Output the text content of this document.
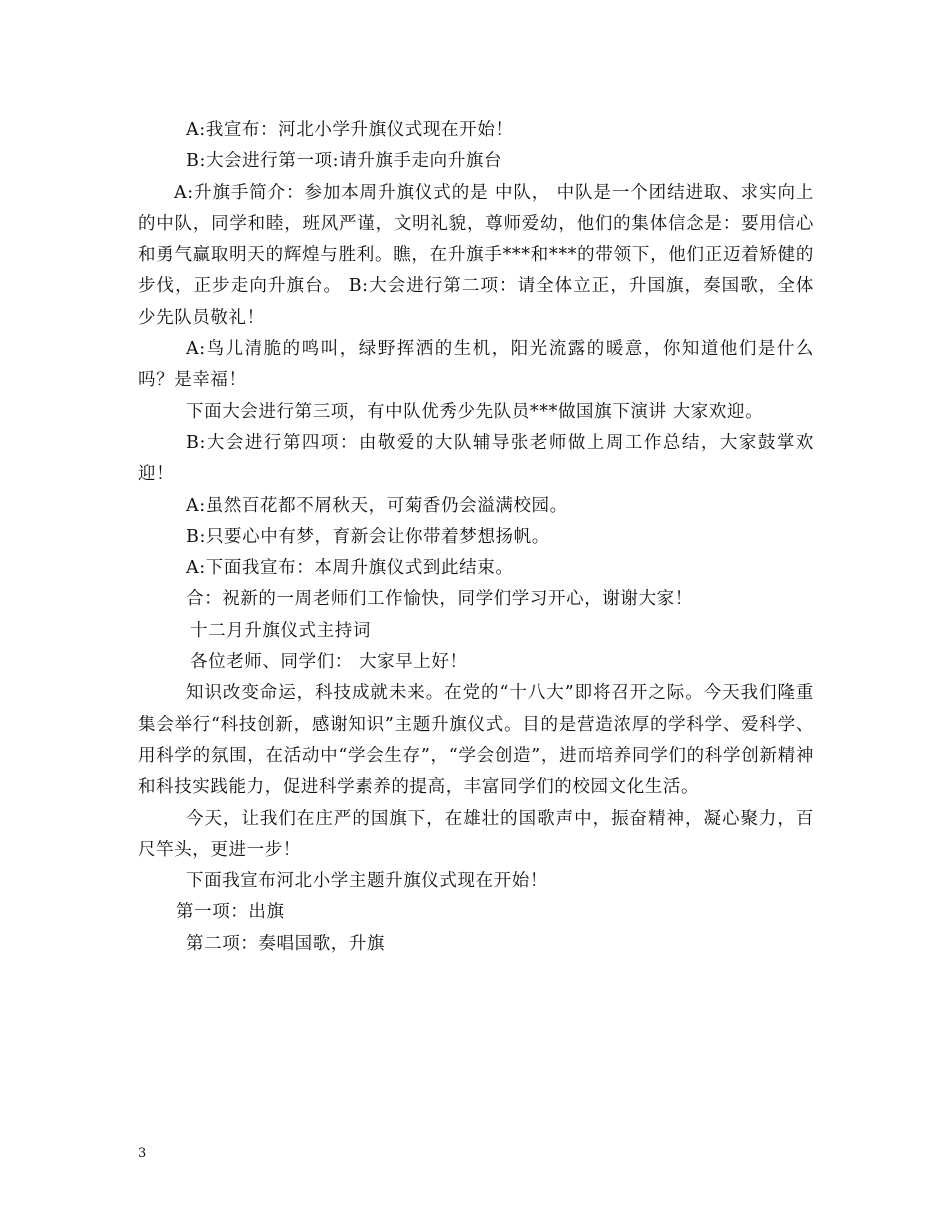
A:我宣布：河北小学升旗仪式现在开始！

B:大会进行第一项:请升旗手走向升旗台

A:升旗手简介：参加本周升旗仪式的是 中队， 中队是一个团结进取、求实向上的中队，同学和睦，班风严谨，文明礼貌，尊师爱幼，他们的集体信念是：要用信心和勇气赢取明天的辉煌与胜利。瞧，在升旗手***和***的带领下，他们正迈着矫健的步伐，正步走向升旗台。 B:大会进行第二项：请全体立正，升国旗，奏国歌，全体少先队员敬礼！

A:鸟儿清脆的鸣叫，绿野挥洒的生机，阳光流露的暖意，你知道他们是什么吗？是幸福！

下面大会进行第三项，有中队优秀少先队员***做国旗下演讲 大家欢迎。

B:大会进行第四项：由敬爱的大队辅导张老师做上周工作总结，大家鼓掌欢迎！

A:虽然百花都不屑秋天，可菊香仍会溢满校园。

B:只要心中有梦，育新会让你带着梦想扬帆。

A:下面我宣布：本周升旗仪式到此结束。

合：祝新的一周老师们工作愉快，同学们学习开心，谢谢大家！

十二月升旗仪式主持词

各位老师、同学们： 大家早上好！

知识改变命运，科技成就未来。在党的“十八大”即将召开之际。今天我们隆重集会举行“科技创新，感谢知识”主题升旗仪式。目的是营造浓厚的学科学、爱科学、用科学的氛围，在活动中“学会生存”，“学会创造”，进而培养同学们的科学创新精神和科技实践能力，促进科学素养的提高，丰富同学们的校园文化生活。

今天，让我们在庄严的国旗下，在雄壮的国歌声中，振奋精神，凝心聚力，百尺竿头，更进一步！

下面我宣布河北小学主题升旗仪式现在开始！

第一项：出旗

第二项：奏唱国歌，升旗

3
